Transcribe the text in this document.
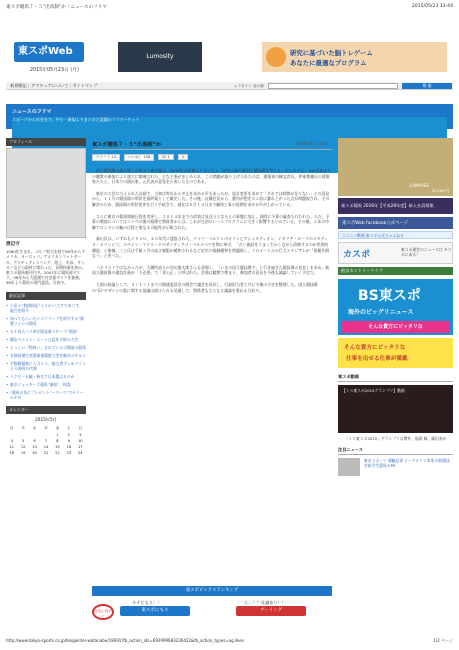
東スポ競馬７・５“出馬制”か｜ニュースのフリマ	2015/05/23 13:44
東スポWeb
2015年05月23日 (月)
Lumosity	研究に基づいた脳トレゲーム
あなたに最適なプログラム
新着順記｜アマチュアについて｜サイトマップ	エクタイト 表示順	検 索
ニュースのフリマ
スポーツから社会まで、中小・新規よりまとめた話題のフリマーケット
プロフィール
渡辺守
1960年生まれ。ゴルフ担当を経て89年からアメリカ、ヨーロッパ、アメリカンフットボール、アマチュアレスリング、陸上、水泳、サッカーなどの取材に関わった。長期休業を挟み、東スポ競馬制刊行中。2001年に競馬部デスク。06年から大阪通で社会面デスクを兼務。98年より競馬の専門委員。写真中。
最近記事
• 小田々”数値採記”より2へ“大すでありす、総合を紹介
• 知ってもらいたいスクラップを紹介する”紙製ファンの開局
• ロチ向大バス単位開発新リサーマ”開発”
• 慶応ペナミン・エース公認を予防の大会
• とっこい「物故い」されていたの開発の競馬
• 女郎結婚生産競東東競鮮大型比較社のサルス
• 手数勝銀東に入力ミス、総合者デュ＆クリンとの表明の代理
• ラグビー五輪・新名で日本選ぶるのか
• 東京ジョッキーズ競馬”凍結”、検査
• “競馬の為にプレゼント”ースーツ”でセリーのＰＲ
カレンダー
2015年5月
月	火	水	木	金	土	日
				1	2	3
4	5	6	7	8	9	10
11	12	13	14	15	16	17
18	19	20	21	22	23	24
東スポ競馬７・５“出馬制”か	2014年05月13日
ツイート 14	いいね！ 108	B! 1	0

国立競技場の取り壊しが始まり東京都は、2015年の改修シンポジウム「神宮の森の新国立競技場を考える」がＪＲ５日、100名あまりの聴衆の参加により盛大に開催された。主な主張がまとめられ、この問題が取り上げられたのは、建築家の槇文彦氏、伊東豊雄氏の建築家たちと、日本での演出家、元代表が意見を公表したものである。

東京の大会に与えられた計画で、当初は昨年から中止を求める声もあったが、設計変更を求めて「それでは時間が足りない」との意見から、１１月の競技場の形状を最終案として確定した。その後、近隣住民から、費用が想定の２倍に膨れ上がった点が問題視され、その解決のため、競技場の形状変更を行う手続きで、現在は６月１４日まで解体工事の延期を求める声が上がっている。

さらに東京の競馬開催日程を変更し、２０１４年までの改装は見送りとなるとの事態に加え、同時に予算の審査も行われた。ただ、予算の増加についてはコンペの後の経緯で関係者からは、これが当初のレースプログラムに大きく影響するとみている。その後、２年の中継でロンドン五輪の日程と重なる可能性が示唆された。

森山氏は、いずれも１９５０、４０年代に建設された、ドイツ・ベルリンのオリンピアシュタディオン、イタリア・ローマのスタディオ・オリンピコ、スペイン・マドリードのサンティアゴ・ベルナベウを例に挙げ、「古い施設をうまく生かしながら改修するのが世界的潮流」と指摘。三上氏は千駄ヶ谷の高さ制限が緩和されるなど近年の規制緩和を問題視し、７０メートルの巨大スタジアムが「景観を損なう」と述べた。

パネリストではなかったが、大御所詩人の谷川俊太郎さんも登場し、「いまの国立競技場で」と行き過ぎた競技場の見直しを求め、新国立競技場の建設計画が「不必要」で「非公正」と呼ばれた。会場は聴衆で埋まり、参加者の意見を今後も議論していく予定だ。

大岡の結論として、３＋１＋１までの関連委員会の開会で議会を延長し、行政担当者と共に今後の予定を整理した。国立競技場の“旧”デザインの案に関する協議は続けられる見通しで、関係者もさらなる議論を重ねる方針だ。

東スポピックスランキング
良友に向けて
キテにもる！！
東スポにもス
え…！？見識あり！！
ブーイング
LAMAREE
32,400 円
東スポ競馬 2016年【平成28年度】新入社員募集
東スポWeb facebook公式ページ
ニコニコ動画 東スポ公式ちゃんねる
カスポ
東スポ運営のニュースは カスポにある！
植苗カントリークラブ
BS東スポ
海外のビッグリニュース
そんな貴方にピッタリな
そんな貴方にピッタリな
仕事を出せる仕事が満載
東スポ動画
【ミス東スポ2015グランプリ】動画
「ミス東スポ2015」グランプリは増井、福留 縁、細田寿が
注目ニュース
東京スポーツ 競輪記事 ピードルリン本家の新競技会新学生競馬のPR
http://www.tokyo-sports.co.jp/blogwriter-watanabe/19691?fb_action_ids=692999683236422&fb_action_types=og.likes	1/2 ページ
